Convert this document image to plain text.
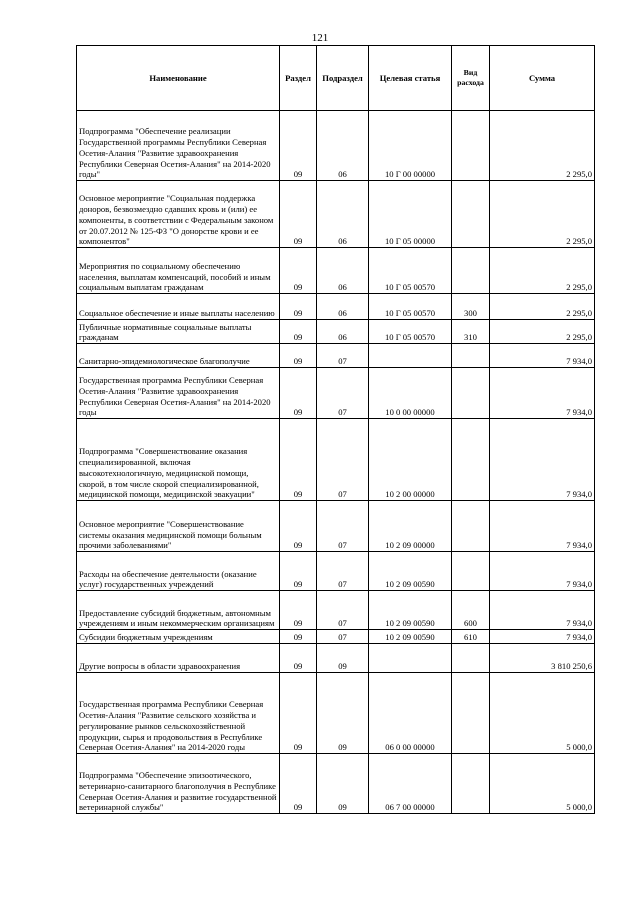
121
Наименование	Раздел	Подраздел	Целевая статья	Вид расхода	Сумма
Подпрограмма "Обеспечение реализации Государственной программы Республики Северная Осетия-Алания "Развитие здравоохранения Республики Северная Осетия-Алания" на 2014-2020 годы"	09	06	10 Г 00 00000		2 295,0
Основное мероприятие "Социальная поддержка доноров, безвозмездно сдавших кровь и (или) ее компоненты, в соответствии с Федеральным законом от 20.07.2012 № 125-ФЗ "О донорстве крови и ее компонентов"	09	06	10 Г 05 00000		2 295,0
Мероприятия по социальному обеспечению населения, выплатам компенсаций, пособий и иным социальным выплатам гражданам	09	06	10 Г 05 00570		2 295,0
Социальное обеспечение и иные выплаты населению	09	06	10 Г 05 00570	300	2 295,0
Публичные нормативные социальные выплаты гражданам	09	06	10 Г 05 00570	310	2 295,0
Санитарно-эпидемиологическое благополучие	09	07			7 934,0
Государственная программа Республики Северная Осетия-Алания "Развитие здравоохранения Республики Северная Осетия-Алания" на 2014-2020 годы	09	07	10 0 00 00000		7 934,0
Подпрограмма "Совершенствование оказания специализированной, включая высокотехнологичную, медицинской помощи, скорой, в том числе скорой специализированной, медицинской помощи, медицинской эвакуации"	09	07	10 2 00 00000		7 934,0
Основное мероприятие "Совершенствование системы оказания медицинской помощи больным прочими заболеваниями"	09	07	10 2 09 00000		7 934,0
Расходы на обеспечение деятельности (оказание услуг) государственных учреждений	09	07	10 2 09 00590		7 934,0
Предоставление субсидий бюджетным, автономным учреждениям и иным некоммерческим организациям	09	07	10 2 09 00590	600	7 934,0
Субсидии бюджетным учреждениям	09	07	10 2 09 00590	610	7 934,0
Другие вопросы в области здравоохранения	09	09			3 810 250,6
Государственная программа Республики Северная Осетия-Алания "Развитие сельского хозяйства и регулирование рынков сельскохозяйственной продукции, сырья и продовольствия в Республике Северная Осетия-Алания" на 2014-2020 годы	09	09	06 0 00 00000		5 000,0
Подпрограмма "Обеспечение эпизоотического, ветеринарно-санитарного благополучия в Республике Северная Осетия-Алания и развитие государственной ветеринарной службы"	09	09	06 7 00 00000		5 000,0
